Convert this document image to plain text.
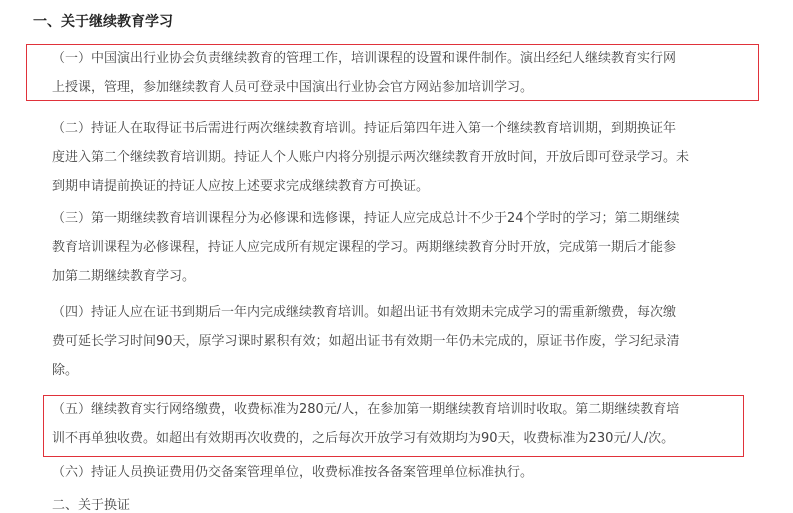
一、关于继续教育学习
（一）中国演出行业协会负责继续教育的管理工作，培训课程的设置和课件制作。演出经纪人继续教育实行网
上授课，管理，参加继续教育人员可登录中国演出行业协会官方网站参加培训学习。
（二）持证人在取得证书后需进行两次继续教育培训。持证后第四年进入第一个继续教育培训期，到期换证年
度进入第二个继续教育培训期。持证人个人账户内将分别提示两次继续教育开放时间，开放后即可登录学习。未
到期申请提前换证的持证人应按上述要求完成继续教育方可换证。
（三）第一期继续教育培训课程分为必修课和选修课，持证人应完成总计不少于24个学时的学习；第二期继续
教育培训课程为必修课程，持证人应完成所有规定课程的学习。两期继续教育分时开放，完成第一期后才能参
加第二期继续教育学习。
（四）持证人应在证书到期后一年内完成继续教育培训。如超出证书有效期未完成学习的需重新缴费，每次缴
费可延长学习时间90天，原学习课时累积有效；如超出证书有效期一年仍未完成的，原证书作废，学习纪录清
除。
（五）继续教育实行网络缴费，收费标准为280元/人，在参加第一期继续教育培训时收取。第二期继续教育培
训不再单独收费。如超出有效期再次收费的，之后每次开放学习有效期均为90天，收费标准为230元/人/次。
（六）持证人员换证费用仍交备案管理单位，收费标准按各备案管理单位标准执行。
二、关于换证
